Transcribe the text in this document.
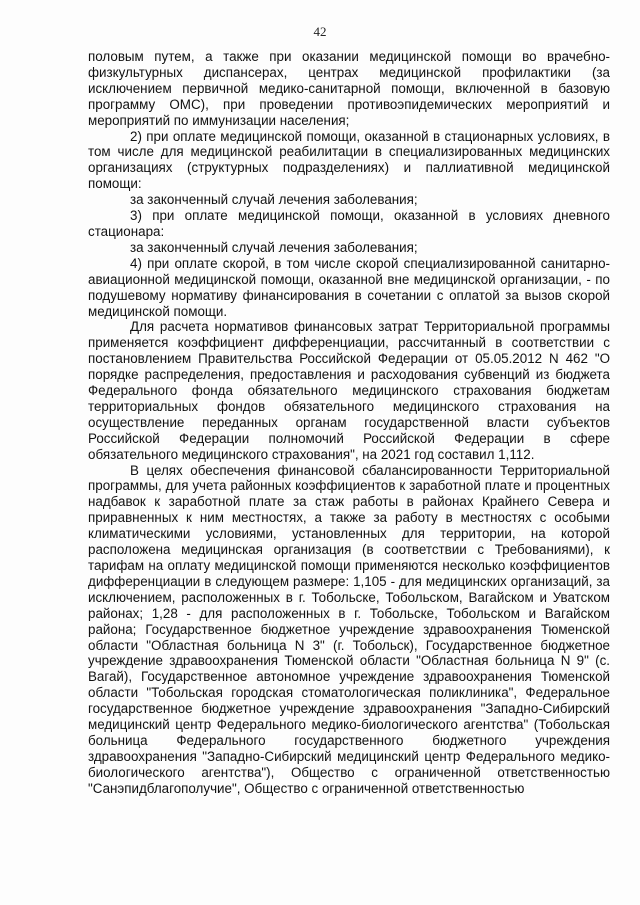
42

половым путем, а также при оказании медицинской помощи во врачебно-физкультурных диспансерах, центрах медицинской профилактики (за исключением первичной медико-санитарной помощи, включенной в базовую программу ОМС), при проведении противоэпидемических мероприятий и мероприятий по иммунизации населения;

2) при оплате медицинской помощи, оказанной в стационарных условиях, в том числе для медицинской реабилитации в специализированных медицинских организациях (структурных подразделениях) и паллиативной медицинской помощи:

за законченный случай лечения заболевания;

3) при оплате медицинской помощи, оказанной в условиях дневного стационара:

за законченный случай лечения заболевания;

4) при оплате скорой, в том числе скорой специализированной санитарно-авиационной медицинской помощи, оказанной вне медицинской организации, - по подушевому нормативу финансирования в сочетании с оплатой за вызов скорой медицинской помощи.

Для расчета нормативов финансовых затрат Территориальной программы применяется коэффициент дифференциации, рассчитанный в соответствии с постановлением Правительства Российской Федерации от 05.05.2012 N 462 "О порядке распределения, предоставления и расходования субвенций из бюджета Федерального фонда обязательного медицинского страхования бюджетам территориальных фондов обязательного медицинского страхования на осуществление переданных органам государственной власти субъектов Российской Федерации полномочий Российской Федерации в сфере обязательного медицинского страхования", на 2021 год составил 1,112.

В целях обеспечения финансовой сбалансированности Территориальной программы, для учета районных коэффициентов к заработной плате и процентных надбавок к заработной плате за стаж работы в районах Крайнего Севера и приравненных к ним местностях, а также за работу в местностях с особыми климатическими условиями, установленных для территории, на которой расположена медицинская организация (в соответствии с Требованиями), к тарифам на оплату медицинской помощи применяются несколько коэффициентов дифференциации в следующем размере: 1,105 - для медицинских организаций, за исключением, расположенных в г. Тобольске, Тобольском, Вагайском и Уватском районах; 1,28 - для расположенных в г. Тобольске, Тобольском и Вагайском района; Государственное бюджетное учреждение здравоохранения Тюменской области "Областная больница N 3" (г. Тобольск), Государственное бюджетное учреждение здравоохранения Тюменской области "Областная больница N 9" (с. Вагай), Государственное автономное учреждение здравоохранения Тюменской области "Тобольская городская стоматологическая поликлиника", Федеральное государственное бюджетное учреждение здравоохранения "Западно-Сибирский медицинский центр Федерального медико-биологического агентства" (Тобольская больница Федерального государственного бюджетного учреждения здравоохранения "Западно-Сибирский медицинский центр Федерального медико-биологического агентства"), Общество с ограниченной ответственностью "Санэпидблагополучие", Общество с ограниченной ответственностью
